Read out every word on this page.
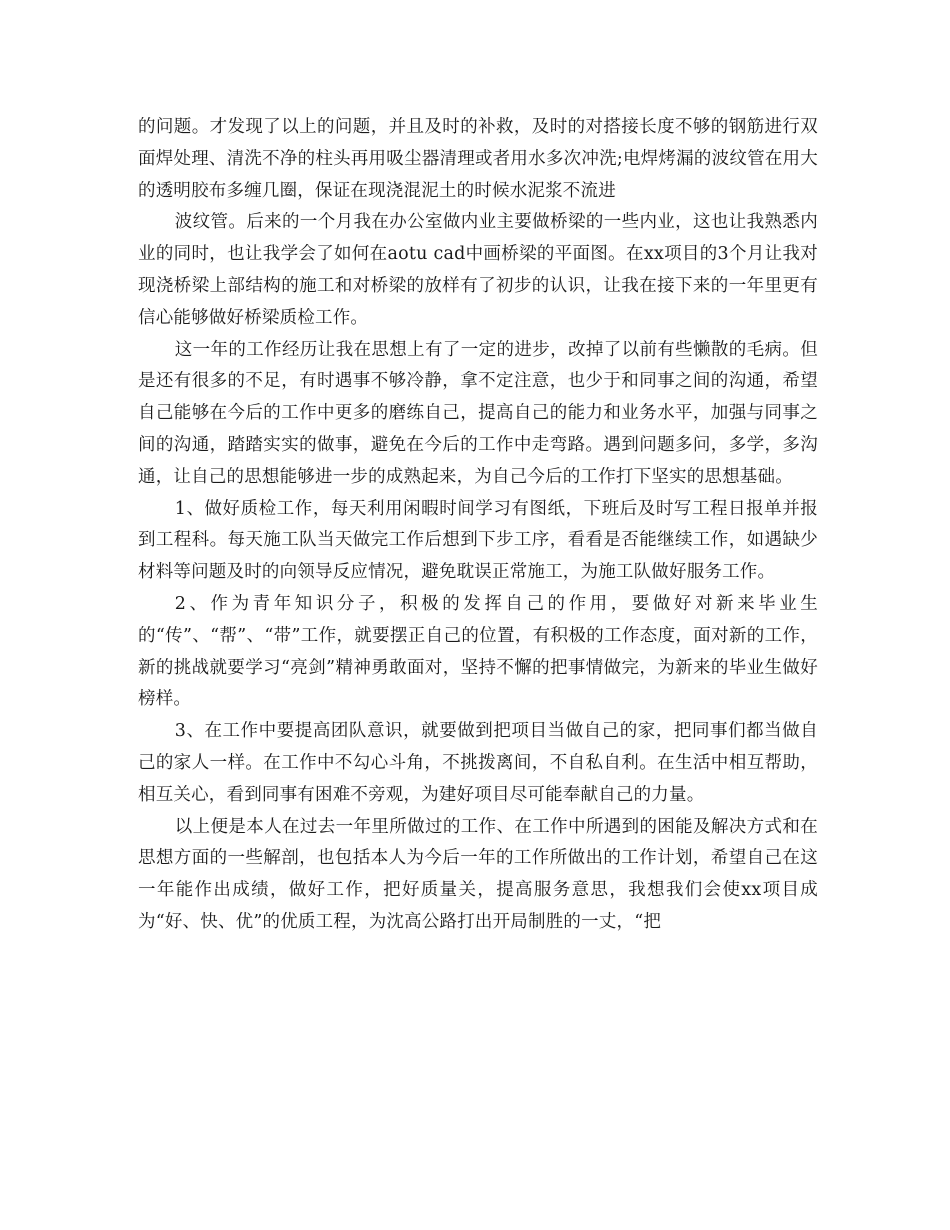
的问题。才发现了以上的问题，并且及时的补救，及时的对搭接长度不够的钢筋进行双面焊处理、清洗不净的柱头再用吸尘器清理或者用水多次冲洗;电焊烤漏的波纹管在用大的透明胶布多缠几圈，保证在现浇混泥土的时候水泥浆不流进

波纹管。后来的一个月我在办公室做内业主要做桥梁的一些内业，这也让我熟悉内业的同时，也让我学会了如何在aotu cad中画桥梁的平面图。在xx项目的3个月让我对现浇桥梁上部结构的施工和对桥梁的放样有了初步的认识，让我在接下来的一年里更有信心能够做好桥梁质检工作。

这一年的工作经历让我在思想上有了一定的进步，改掉了以前有些懒散的毛病。但是还有很多的不足，有时遇事不够冷静，拿不定注意，也少于和同事之间的沟通，希望自己能够在今后的工作中更多的磨练自己，提高自己的能力和业务水平，加强与同事之间的沟通，踏踏实实的做事，避免在今后的工作中走弯路。遇到问题多问，多学，多沟通，让自己的思想能够进一步的成熟起来，为自己今后的工作打下坚实的思想基础。

1、做好质检工作，每天利用闲暇时间学习有图纸，下班后及时写工程日报单并报到工程科。每天施工队当天做完工作后想到下步工序，看看是否能继续工作，如遇缺少材料等问题及时的向领导反应情况，避免耽误正常施工，为施工队做好服务工作。

2、作为青年知识分子，积极的发挥自己的作用，要做好对新来毕业生的“传”、“帮”、“带”工作，就要摆正自己的位置，有积极的工作态度，面对新的工作，新的挑战就要学习“亮剑”精神勇敢面对，坚持不懈的把事情做完，为新来的毕业生做好榜样。

3、在工作中要提高团队意识，就要做到把项目当做自己的家，把同事们都当做自己的家人一样。在工作中不勾心斗角，不挑拨离间，不自私自利。在生活中相互帮助，相互关心，看到同事有困难不旁观，为建好项目尽可能奉献自己的力量。

以上便是本人在过去一年里所做过的工作、在工作中所遇到的困能及解决方式和在思想方面的一些解剖，也包括本人为今后一年的工作所做出的工作计划，希望自己在这一年能作出成绩，做好工作，把好质量关，提高服务意思，我想我们会使xx项目成为“好、快、优”的优质工程，为沈高公路打出开局制胜的一丈，“把
